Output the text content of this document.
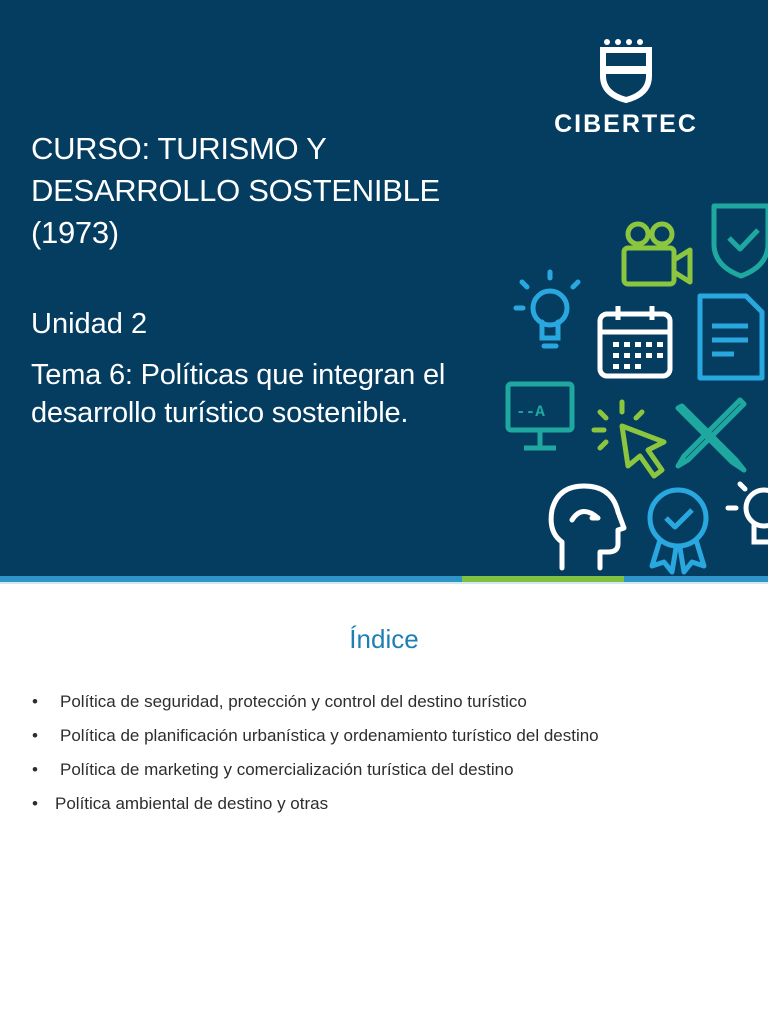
CURSO: TURISMO Y DESARROLLO SOSTENIBLE (1973)
Unidad 2
Tema 6: Políticas que integran el desarrollo turístico sostenible.
CIBERTEC
--A
Índice
• Política de seguridad, protección y control del destino turístico
• Política de planificación urbanística y ordenamiento turístico del destino
• Política de marketing y comercialización turística del destino
• Política ambiental de destino y otras
